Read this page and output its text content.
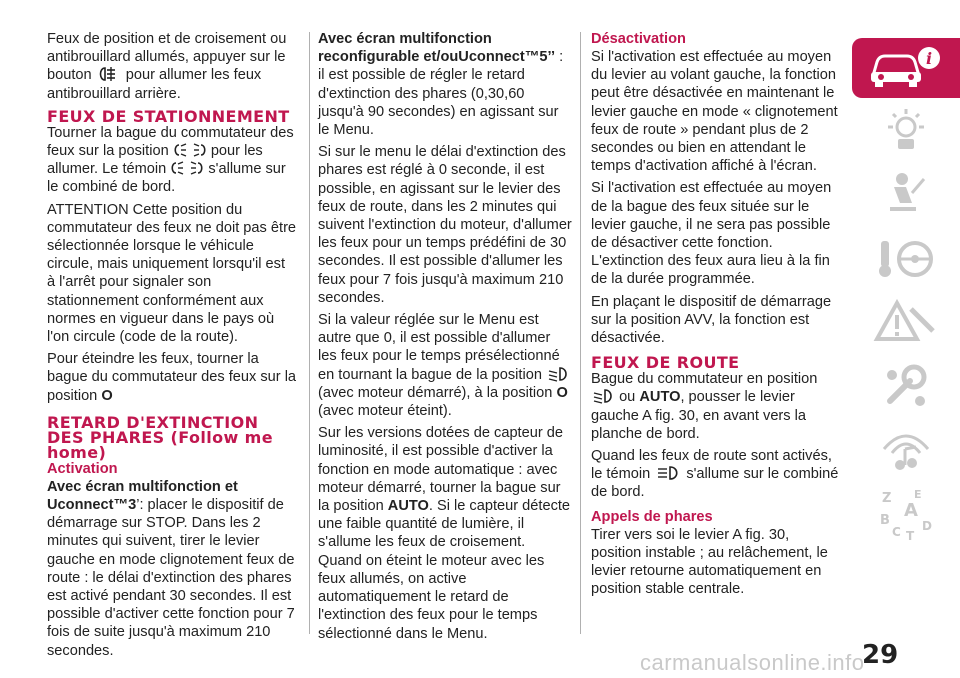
Feux de position et de croisement ou antibrouillard allumés, appuyer sur le bouton pour allumer les feux antibrouillard arrière.

FEUX DE STATIONNEMENT

Tourner la bague du commutateur des feux sur la position	pour les allumer. Le témoin	s'allume sur le combiné de bord.

ATTENTION Cette position du commutateur des feux ne doit pas être sélectionnée lorsque le véhicule circule, mais uniquement lorsqu'il est à l'arrêt pour signaler son stationnement conformément aux normes en vigueur dans le pays où l'on circule (code de la route).

Pour éteindre les feux, tourner la bague du commutateur des feux sur la position O

RETARD D'EXTINCTION DES PHARES (Follow me home)
Activation

Avec écran multifonction et Uconnect™3’: placer le dispositif de démarrage sur STOP. Dans les 2 minutes qui suivent, tirer le levier gauche en mode clignotement feux de route : le délai d'extinction des phares est activé pendant 30 secondes. Il est possible d'activer cette fonction pour 7 fois de suite jusqu'à maximum 210 secondes.

Avec écran multifonction reconfigurable et/ouUconnect™5’’ : il est possible de régler le retard d'extinction des phares (0,30,60 jusqu'à 90 secondes) en agissant sur le Menu.

Si sur le menu le délai d'extinction des phares est réglé à 0 seconde, il est possible, en agissant sur le levier des feux de route, dans les 2 minutes qui suivent l'extinction du moteur, d'allumer les feux pour un temps prédéfini de 30 secondes. Il est possible d'allumer les feux pour 7 fois jusqu'à maximum 210 secondes.

Si la valeur réglée sur le Menu est autre que 0, il est possible d'allumer les feux pour le temps présélectionné en tournant la bague de la position
(avec moteur démarré), à la position O (avec moteur éteint).

Sur les versions dotées de capteur de luminosité, il est possible d'activer la fonction en mode automatique : avec moteur démarré, tourner la bague sur la position AUTO. Si le capteur détecte une faible quantité de lumière, il s'allume les feux de croisement. Quand on éteint le moteur avec les feux allumés, on active automatiquement le retard de l'extinction des feux pour le temps sélectionné dans le Menu.

Désactivation

Si l'activation est effectuée au moyen du levier au volant gauche, la fonction peut être désactivée en maintenant le levier gauche en mode « clignotement feux de route » pendant plus de 2 secondes ou bien en attendant le temps d'activation affiché à l'écran.

Si l'activation est effectuée au moyen de la bague des feux située sur le levier gauche, il ne sera pas possible de désactiver cette fonction. L'extinction des feux aura lieu à la fin de la durée programmée.

En plaçant le dispositif de démarrage sur la position AVV, la fonction est désactivée.

FEUX DE ROUTE

Bague du commutateur en position
ou AUTO, pousser le levier gauche A fig. 30, en avant vers la planche de bord.

Quand les feux de route sont activés, le témoin s'allume sur le combiné de bord.

Appels de phares

Tirer vers soi le levier A fig. 30, position instable ; au relâchement, le levier retourne automatiquement en position stable centrale.

i
Z E
A
B
C T
D
carmanualsonline.info
29
